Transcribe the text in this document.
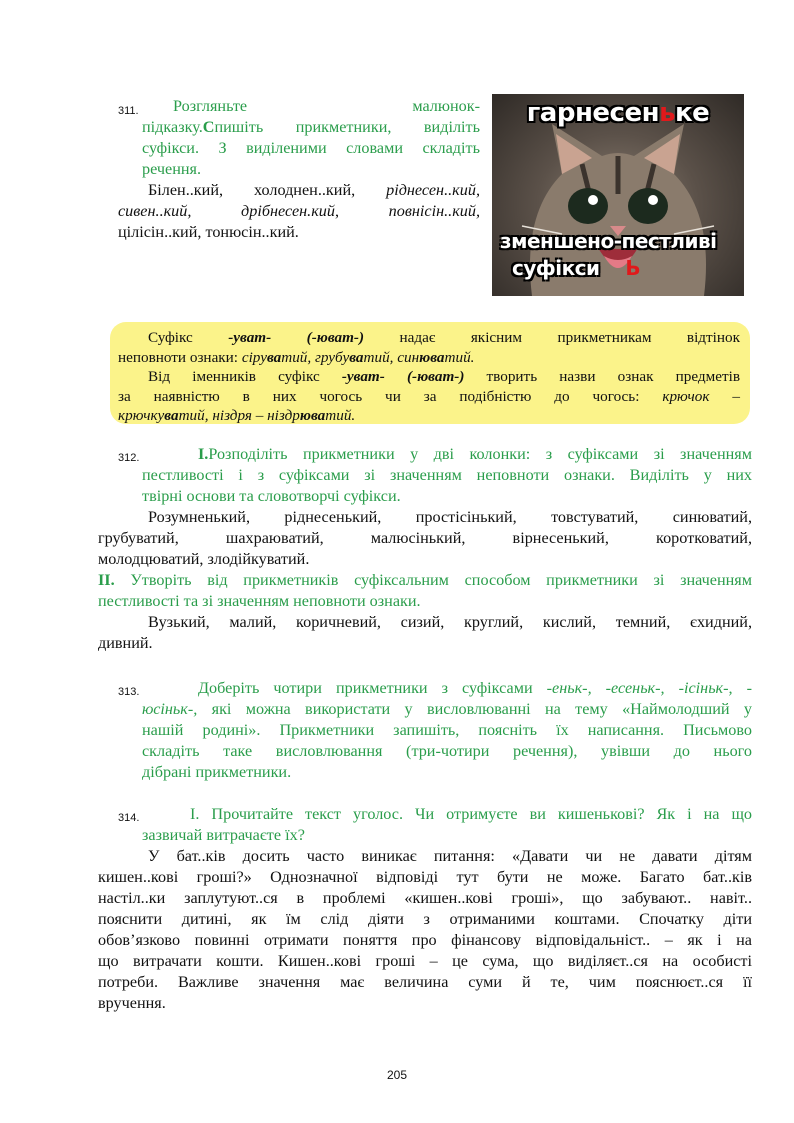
311.	Розгляньте	малюнок-
підказку.Спишіть прикметники, виділіть
суфікси. З виділеними словами складіть
речення.
Білен..кий, холоднен..кий, ріднесен..кий,
сивен..кий,	дрібнесен.кий,	повнісін..кий,
цілісін..кий, тонюсін..кий.
гарнесеньке
зменшено-пестливі
суфікси Ь
Суфікс -уват- (-юват-) надає якісним прикметникам відтінок
неповноти ознаки: сіруватий, грубуватий, синюватий.
Від іменників суфікс -уват- (-юват-) творить назви ознак предметів
за наявністю в них чогось чи за подібністю до чогось: крючок –
крючкуватий, ніздря – ніздрюватий.
312.	I.Розподіліть прикметники у дві колонки: з суфіксами зі значенням
пестливості і з суфіксами зі значенням неповноти ознаки. Виділіть у них
твірні основи та словотворчі суфікси.
Розумненький, ріднесенький, простісінький, товстуватий, синюватий,
грубуватий, шахраюватий, малюсінький, вірнесенький, коротковатий,
молодцюватий, злодійкуватий.
II. Утворіть від прикметників суфіксальним способом прикметники зі значенням
пестливості та зі значенням неповноти ознаки.
Вузький, малий, коричневий, сизий, круглий, кислий, темний, єхидний,
дивний.
313.	Доберіть чотири прикметники з суфіксами -еньк-, -есеньк-, -ісіньк-, -
юсіньк-, які можна використати у висловлюванні на тему «Наймолодший у
нашій родині». Прикметники запишіть, поясніть їх написання. Письмово
складіть таке висловлювання (три-чотири речення), увівши до нього
дібрані прикметники.
314.	I. Прочитайте текст уголос. Чи отримуєте ви кишенькові? Як і на що
зазвичай витрачаєте їх?
У бат..ків досить часто виникає питання: «Давати чи не давати дітям
кишен..кові гроші?» Однозначної відповіді тут бути не може. Багато бат..ків
настіл..ки заплутуют..ся в проблемі «кишен..кові гроші», що забувают.. навіт..
пояснити дитині, як їм слід діяти з отриманими коштами. Спочатку діти
обов’язково повинні отримати поняття про фінансову відповідальніст.. – як і на
що витрачати кошти. Кишен..кові гроші – це сума, що виділяєт..ся на особисті
потреби. Важливе значення має величина суми й те, чим пояснюєт..ся її
вручення.
205
